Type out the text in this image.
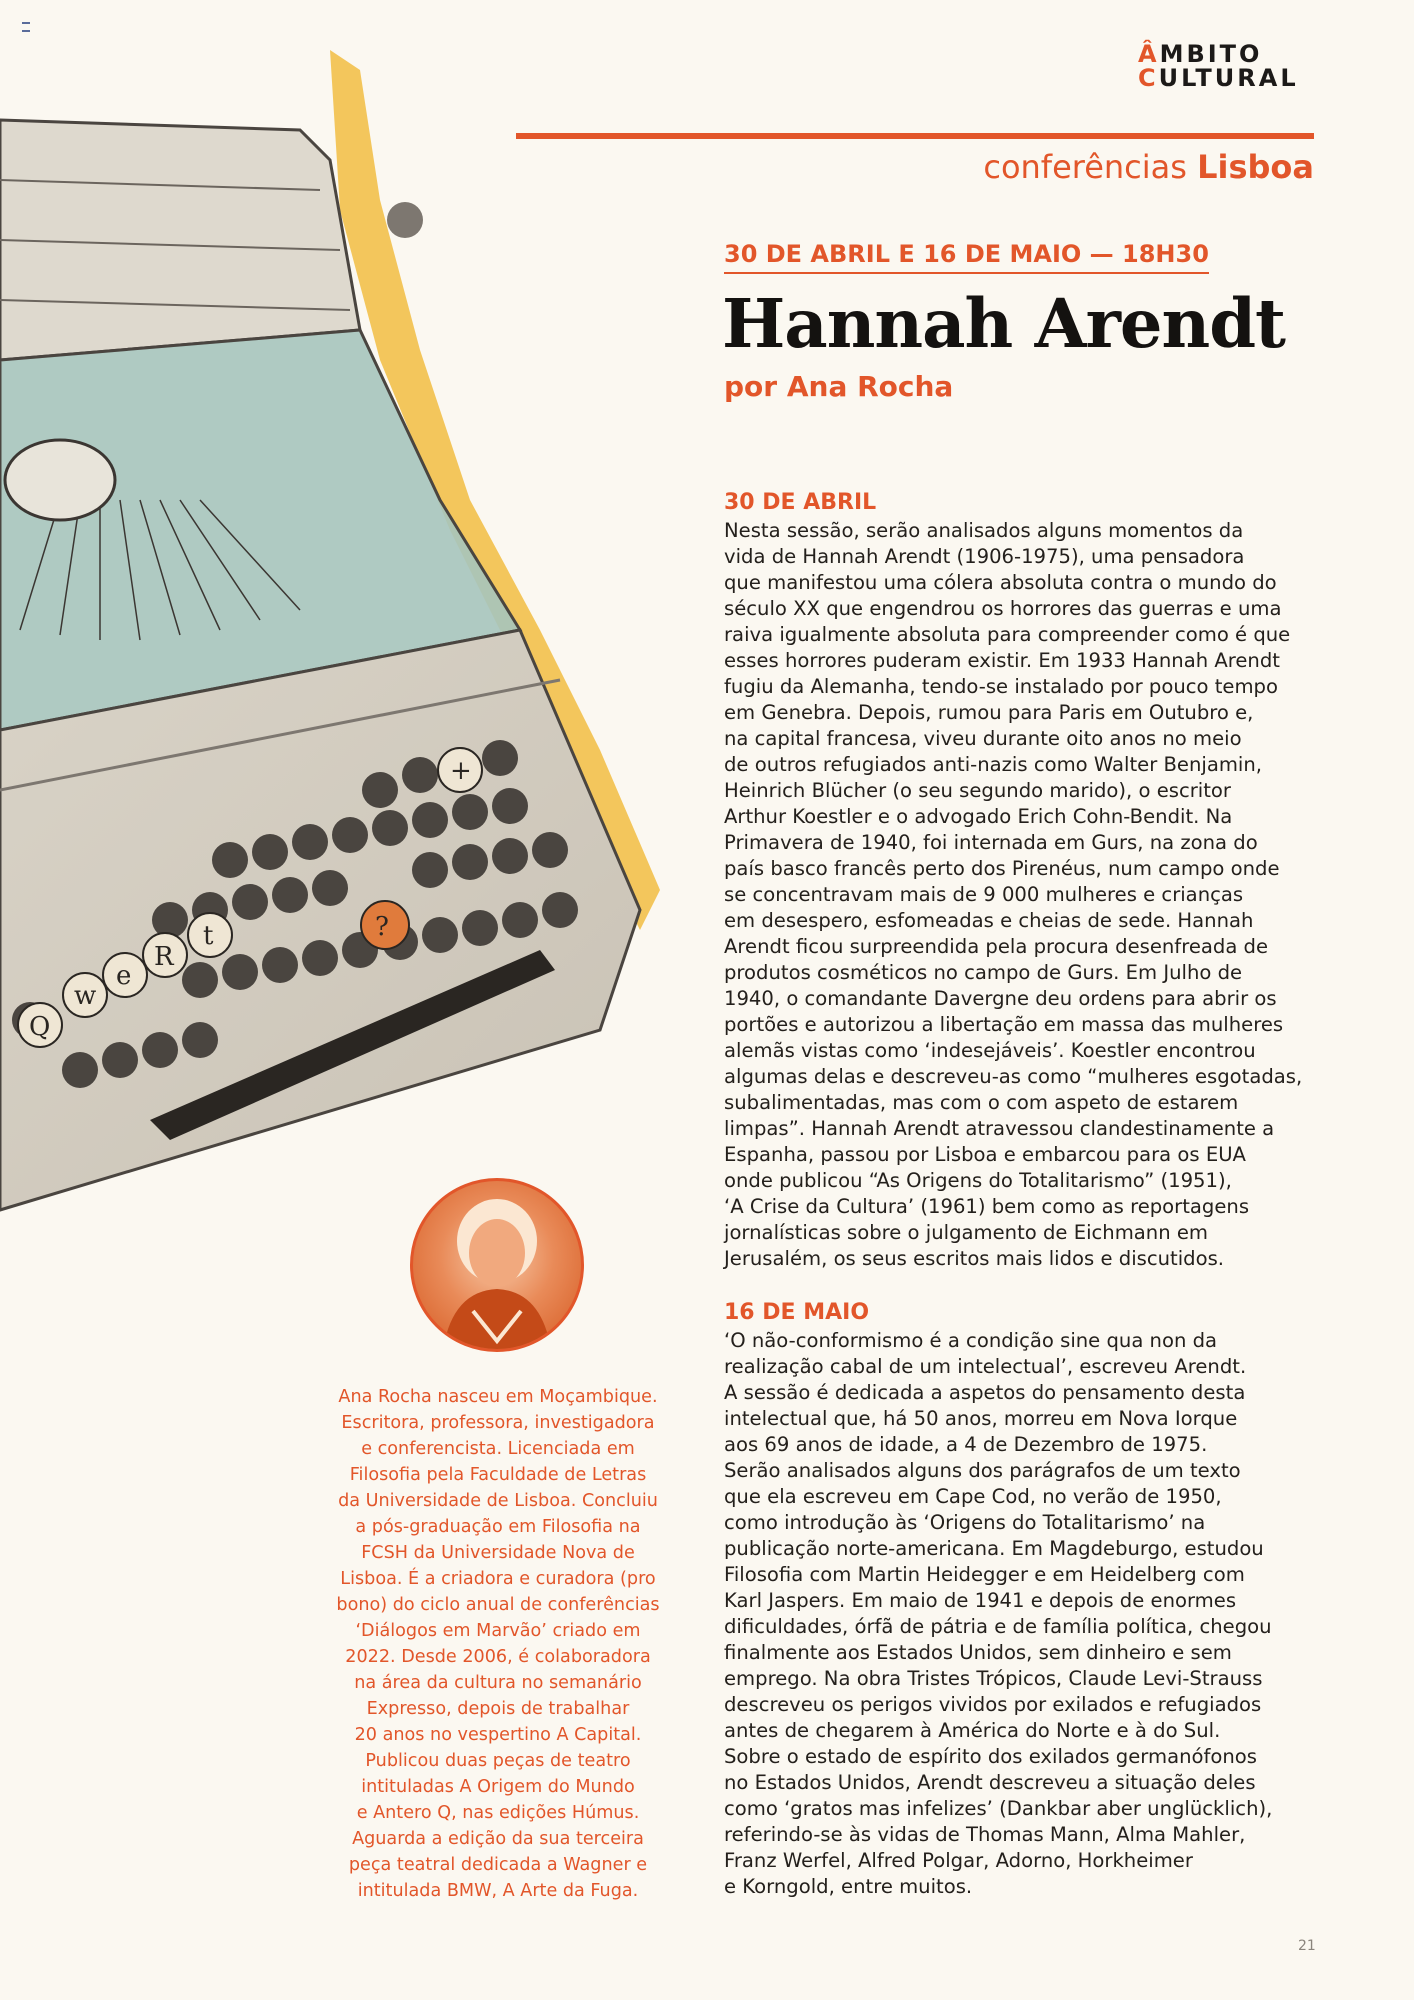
ÂMBITO
CULTURAL
conferências Lisboa
30 DE ABRIL E 16 DE MAIO — 18H30
Hannah Arendt
por Ana Rocha
Q
w
e
R
t	?
+
30 DE ABRIL

Nesta sessão, serão analisados alguns momentos da

vida de Hannah Arendt (1906-1975), uma pensadora

que manifestou uma cólera absoluta contra o mundo do

século XX que engendrou os horrores das guerras e uma

raiva igualmente absoluta para compreender como é que

esses horrores puderam existir. Em 1933 Hannah Arendt

fugiu da Alemanha, tendo-se instalado por pouco tempo

em Genebra. Depois, rumou para Paris em Outubro e,

na capital francesa, viveu durante oito anos no meio

de outros refugiados anti-nazis como Walter Benjamin,

Heinrich Blücher (o seu segundo marido), o escritor

Arthur Koestler e o advogado Erich Cohn-Bendit. Na

Primavera de 1940, foi internada em Gurs, na zona do

país basco francês perto dos Pirenéus, num campo onde

se concentravam mais de 9 000 mulheres e crianças

em desespero, esfomeadas e cheias de sede. Hannah

Arendt ficou surpreendida pela procura desenfreada de

produtos cosméticos no campo de Gurs. Em Julho de

1940, o comandante Davergne deu ordens para abrir os

portões e autorizou a libertação em massa das mulheres

alemãs vistas como ‘indesejáveis’. Koestler encontrou

algumas delas e descreveu-as como “mulheres esgotadas,

subalimentadas, mas com o com aspeto de estarem

limpas”. Hannah Arendt atravessou clandestinamente a

Espanha, passou por Lisboa e embarcou para os EUA

onde publicou “As Origens do Totalitarismo” (1951),

‘A Crise da Cultura’ (1961) bem como as reportagens

jornalísticas sobre o julgamento de Eichmann em

Jerusalém, os seus escritos mais lidos e discutidos.

16 DE MAIO

‘O não-conformismo é a condição sine qua non da

realização cabal de um intelectual’, escreveu Arendt.

A sessão é dedicada a aspetos do pensamento desta

intelectual que, há 50 anos, morreu em Nova Iorque

aos 69 anos de idade, a 4 de Dezembro de 1975.

Serão analisados alguns dos parágrafos de um texto

que ela escreveu em Cape Cod, no verão de 1950,

como introdução às ‘Origens do Totalitarismo’ na

publicação norte-americana. Em Magdeburgo, estudou

Filosofia com Martin Heidegger e em Heidelberg com

Karl Jaspers. Em maio de 1941 e depois de enormes

dificuldades, órfã de pátria e de família política, chegou

finalmente aos Estados Unidos, sem dinheiro e sem

emprego. Na obra Tristes Trópicos, Claude Levi-Strauss

descreveu os perigos vividos por exilados e refugiados

antes de chegarem à América do Norte e à do Sul.

Sobre o estado de espírito dos exilados germanófonos

no Estados Unidos, Arendt descreveu a situação deles

como ‘gratos mas infelizes’ (Dankbar aber unglücklich),

referindo-se às vidas de Thomas Mann, Alma Mahler,

Franz Werfel, Alfred Polgar, Adorno, Horkheimer

e Korngold, entre muitos.

Ana Rocha nasceu em Moçambique.

Escritora, professora, investigadora

e conferencista. Licenciada em

Filosofia pela Faculdade de Letras

da Universidade de Lisboa. Concluiu

a pós-graduação em Filosofia na

FCSH da Universidade Nova de

Lisboa. É a criadora e curadora (pro

bono) do ciclo anual de conferências

‘Diálogos em Marvão’ criado em

2022. Desde 2006, é colaboradora

na área da cultura no semanário

Expresso, depois de trabalhar

20 anos no vespertino A Capital.

Publicou duas peças de teatro

intituladas A Origem do Mundo

e Antero Q, nas edições Húmus.

Aguarda a edição da sua terceira

peça teatral dedicada a Wagner e

intitulada BMW, A Arte da Fuga.

21
